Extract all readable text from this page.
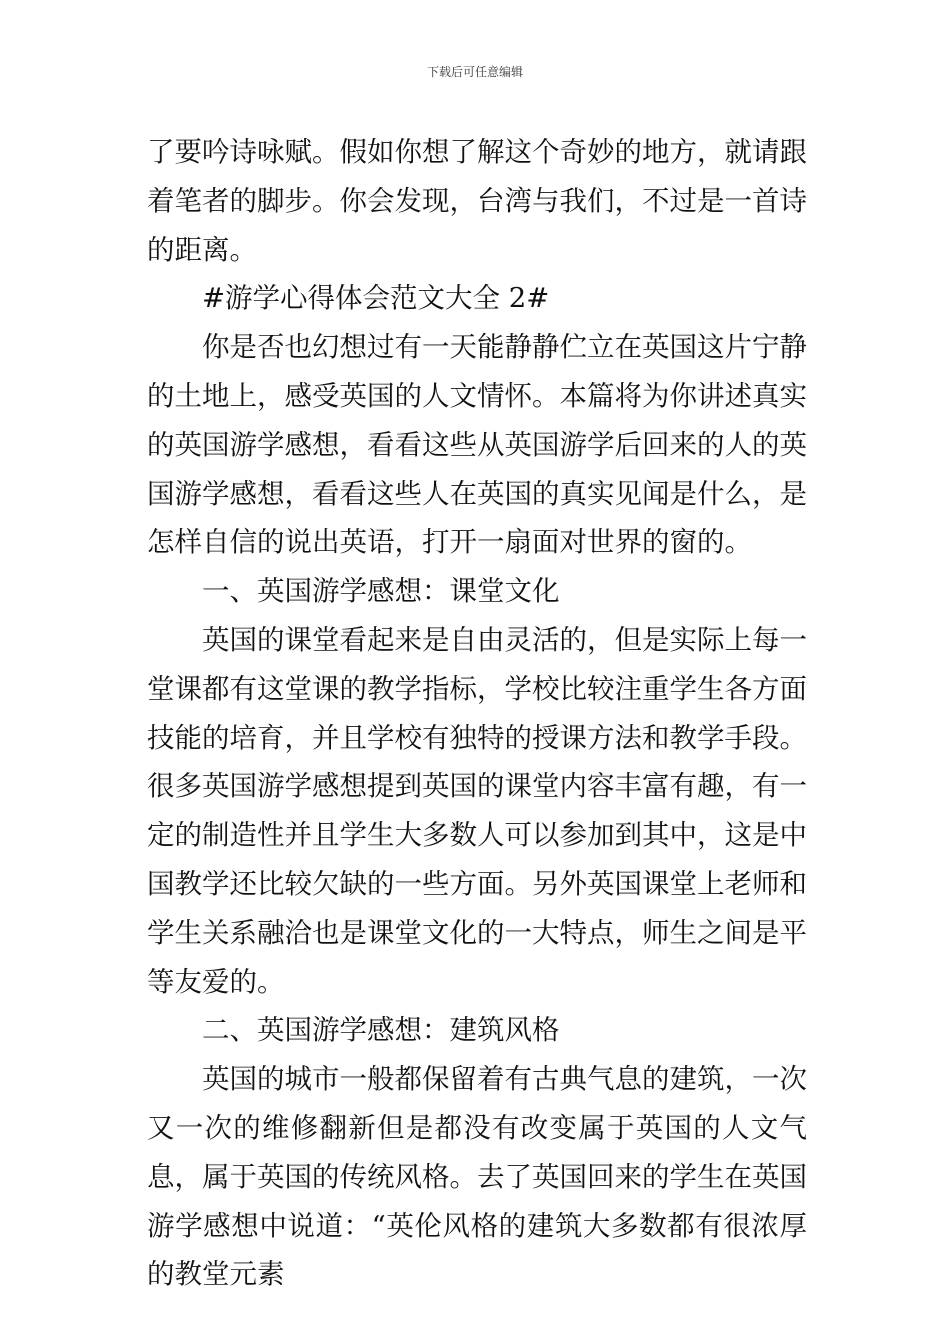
下载后可任意编辑

了要吟诗咏赋。假如你想了解这个奇妙的地方，就请跟着笔者的脚步。你会发现，台湾与我们，不过是一首诗的距离。

#游学心得体会范文大全 2#

你是否也幻想过有一天能静静伫立在英国这片宁静的土地上，感受英国的人文情怀。本篇将为你讲述真实的英国游学感想，看看这些从英国游学后回来的人的英国游学感想，看看这些人在英国的真实见闻是什么，是怎样自信的说出英语，打开一扇面对世界的窗的。

一、英国游学感想：课堂文化

英国的课堂看起来是自由灵活的，但是实际上每一堂课都有这堂课的教学指标，学校比较注重学生各方面技能的培育，并且学校有独特的授课方法和教学手段。很多英国游学感想提到英国的课堂内容丰富有趣，有一定的制造性并且学生大多数人可以参加到其中，这是中国教学还比较欠缺的一些方面。另外英国课堂上老师和学生关系融洽也是课堂文化的一大特点，师生之间是平等友爱的。

二、英国游学感想：建筑风格

英国的城市一般都保留着有古典气息的建筑，一次又一次的维修翻新但是都没有改变属于英国的人文气息，属于英国的传统风格。去了英国回来的学生在英国游学感想中说道：“英伦风格的建筑大多数都有很浓厚的教堂元素
